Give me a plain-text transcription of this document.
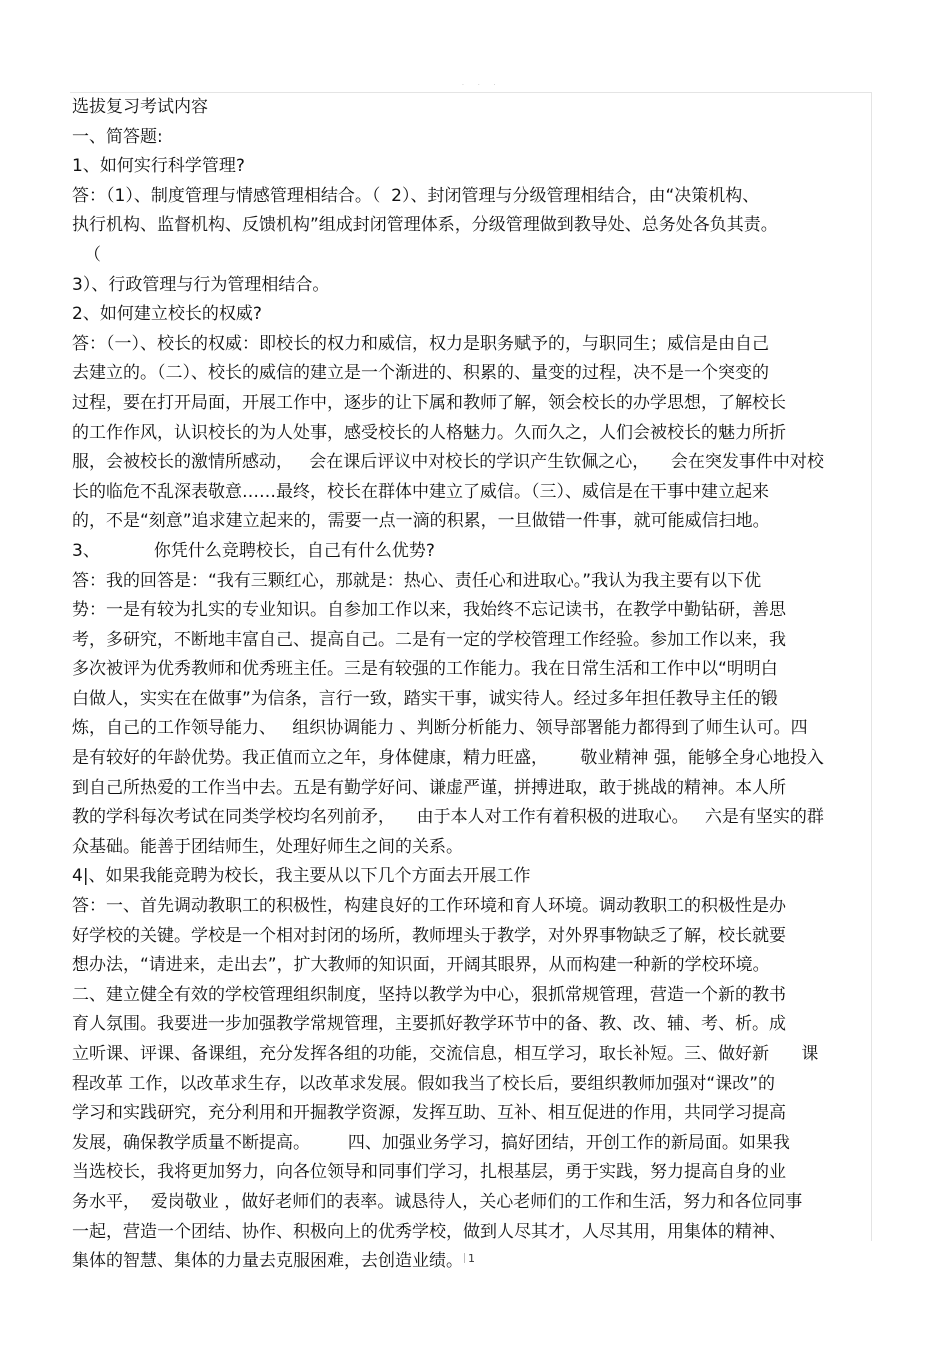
. . .
选拔复习考试内容
一、简答题:
1、如何实行科学管理?
答：（1）、制度管理与情感管理相结合。（  2）、封闭管理与分级管理相结合，由“决策机构、
执行机构、监督机构、反馈机构”组成封闭管理体系，分级管理做到教导处、总务处各负其责。
（
3）、行政管理与行为管理相结合。
2、如何建立校长的权威?
答：（一）、校长的权威：即校长的权力和威信，权力是职务赋予的，与职同生；威信是由自己
去建立的。（二）、校长的威信的建立是一个渐进的、积累的、量变的过程，决不是一个突变的
过程，要在打开局面，开展工作中，逐步的让下属和教师了解，领会校长的办学思想，了解校长
的工作作风，认识校长的为人处事，感受校长的人格魅力。久而久之，人们会被校长的魅力所折
服，会被校长的激情所感动，   会在课后评议中对校长的学识产生钦佩之心，    会在突发事件中对校
长的临危不乱深表敬意……最终，校长在群体中建立了威信。（三）、威信是在干事中建立起来
的，不是“刻意”追求建立起来的，需要一点一滴的积累，一旦做错一件事，就可能威信扫地。
3、          你凭什么竞聘校长，自己有什么优势?
答：我的回答是：“我有三颗红心，那就是：热心、责任心和进取心。”我认为我主要有以下优
势：一是有较为扎实的专业知识。自参加工作以来，我始终不忘记读书，在教学中勤钻研，善思
考，多研究，不断地丰富自己、提高自己。二是有一定的学校管理工作经验。参加工作以来，我
多次被评为优秀教师和优秀班主任。三是有较强的工作能力。我在日常生活和工作中以“明明白
白做人，实实在在做事”为信条，言行一致，踏实干事，诚实待人。经过多年担任教导主任的锻
炼，自己的工作领导能力、   组织协调能力 、判断分析能力、领导部署能力都得到了师生认可。四
是有较好的年龄优势。我正值而立之年，身体健康，精力旺盛，      敬业精神 强，能够全身心地投入
到自己所热爱的工作当中去。五是有勤学好问、谦虚严谨，拼搏进取，敢于挑战的精神。本人所
教的学科每次考试在同类学校均名列前矛，    由于本人对工作有着积极的进取心。   六是有坚实的群
众基础。能善于团结师生，处理好师生之间的关系。
4|、如果我能竞聘为校长，我主要从以下几个方面去开展工作
答：一、首先调动教职工的积极性，构建良好的工作环境和育人环境。调动教职工的积极性是办
好学校的关键。学校是一个相对封闭的场所，教师埋头于教学，对外界事物缺乏了解，校长就要
想办法，“请进来，走出去”，扩大教师的知识面，开阔其眼界，从而构建一种新的学校环境。
二、建立健全有效的学校管理组织制度，坚持以教学为中心，狠抓常规管理，营造一个新的教书
育人氛围。我要进一步加强教学常规管理，主要抓好教学环节中的备、教、改、辅、考、析。成
立听课、评课、备课组，充分发挥各组的功能，交流信息，相互学习，取长补短。三、做好新      课
程改革 工作，以改革求生存，以改革求发展。假如我当了校长后，要组织教师加强对“课改”的
学习和实践研究，充分利用和开掘教学资源，发挥互助、互补、相互促进的作用，共同学习提高
发展，确保教学质量不断提高。       四、加强业务学习，搞好团结，开创工作的新局面。如果我
当选校长，我将更加努力，向各位领导和同事们学习，扎根基层，勇于实践，努力提高自身的业
务水平，  爱岗敬业 ，做好老师们的表率。诚恳待人，关心老师们的工作和生活，努力和各位同事
一起，营造一个团结、协作、积极向上的优秀学校，做到人尽其才，人尽其用，用集体的精神、
集体的智慧、集体的力量去克服困难，去创造业绩。 1
